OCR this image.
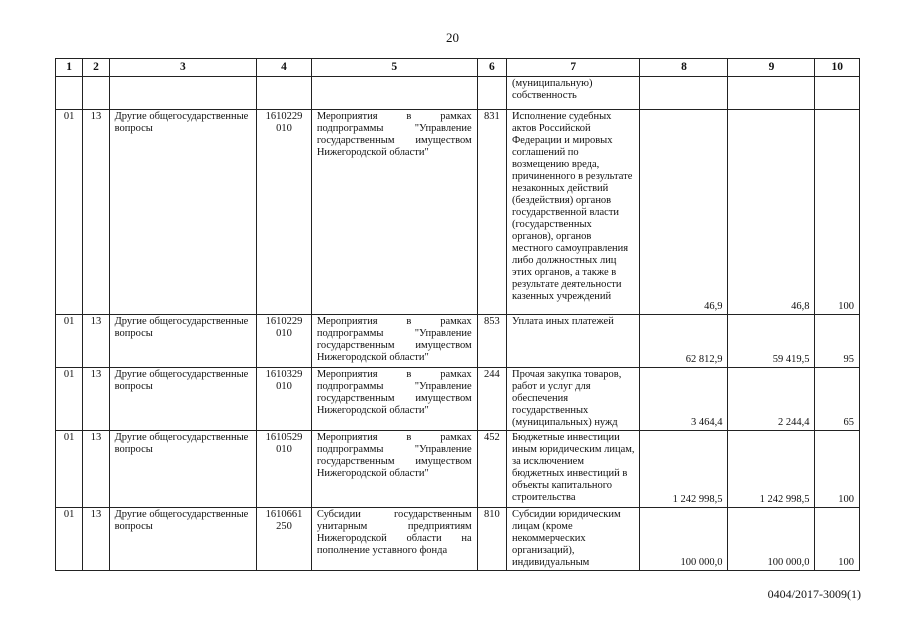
20
1	2	3	4	5	6	7	8	9	10
						(муниципальную) собственность			
01	13	Другие общегосударственные вопросы	1610229 010	Мероприятия в рамках подпрограммы "Управление государственным имуществом Нижегородской области"	831	Исполнение судебных актов Российской Федерации и мировых соглашений по возмещению вреда, причиненного в результате незаконных действий (бездействия) органов государственной власти (государственных органов), органов местного самоуправления либо должностных лиц этих органов, а также в результате деятельности казенных учреждений	46,9	46,8	100
01	13	Другие общегосударственные вопросы	1610229 010	Мероприятия в рамках подпрограммы "Управление государственным имуществом Нижегородской области"	853	Уплата иных платежей	62 812,9	59 419,5	95
01	13	Другие общегосударственные вопросы	1610329 010	Мероприятия в рамках подпрограммы "Управление государственным имуществом Нижегородской области"	244	Прочая закупка товаров, работ и услуг для обеспечения государственных (муниципальных) нужд	3 464,4	2 244,4	65
01	13	Другие общегосударственные вопросы	1610529 010	Мероприятия в рамках подпрограммы "Управление государственным имуществом Нижегородской области"	452	Бюджетные инвестиции иным юридическим лицам, за исключением бюджетных инвестиций в объекты капитального строительства	1 242 998,5	1 242 998,5	100
01	13	Другие общегосударственные вопросы	1610661 250	Субсидии государственным унитарным предприятиям Нижегородской области на пополнение уставного фонда	810	Субсидии юридическим лицам (кроме некоммерческих организаций), индивидуальным	100 000,0	100 000,0	100
0404/2017-3009(1)
